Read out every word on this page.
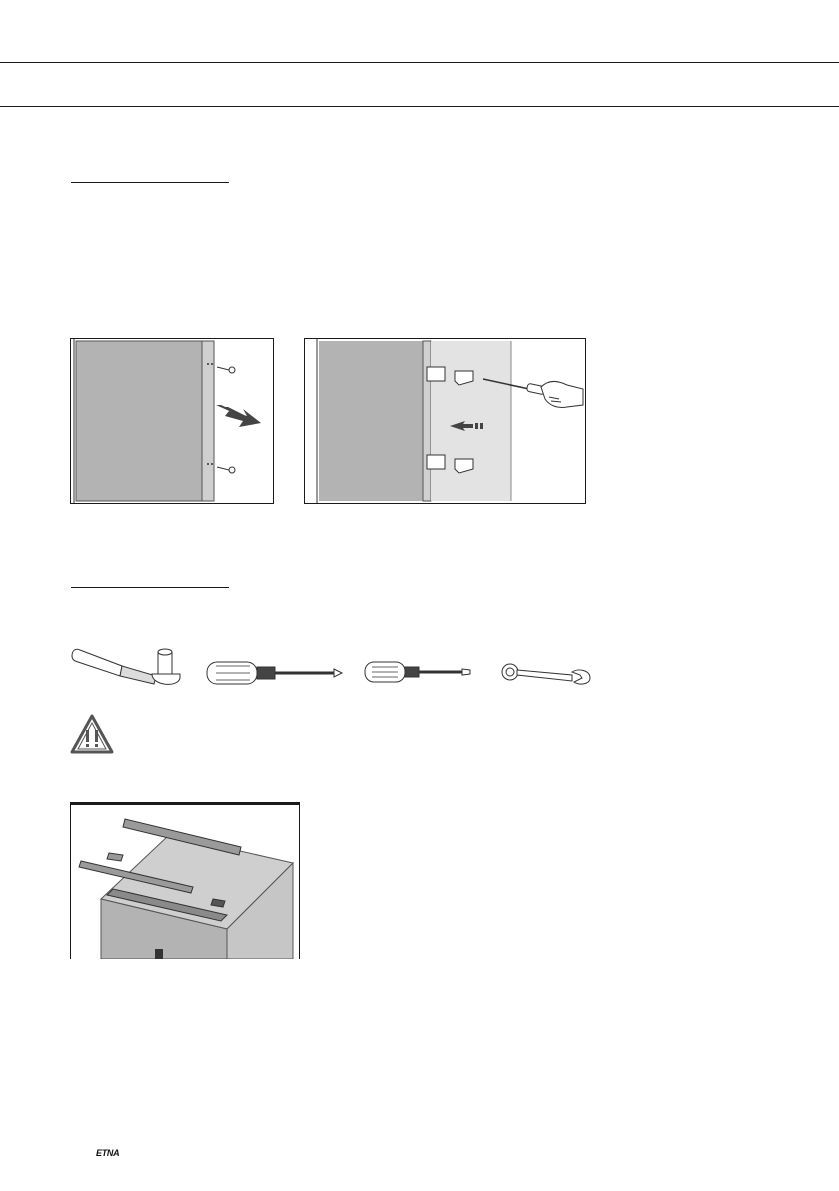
ETNA
